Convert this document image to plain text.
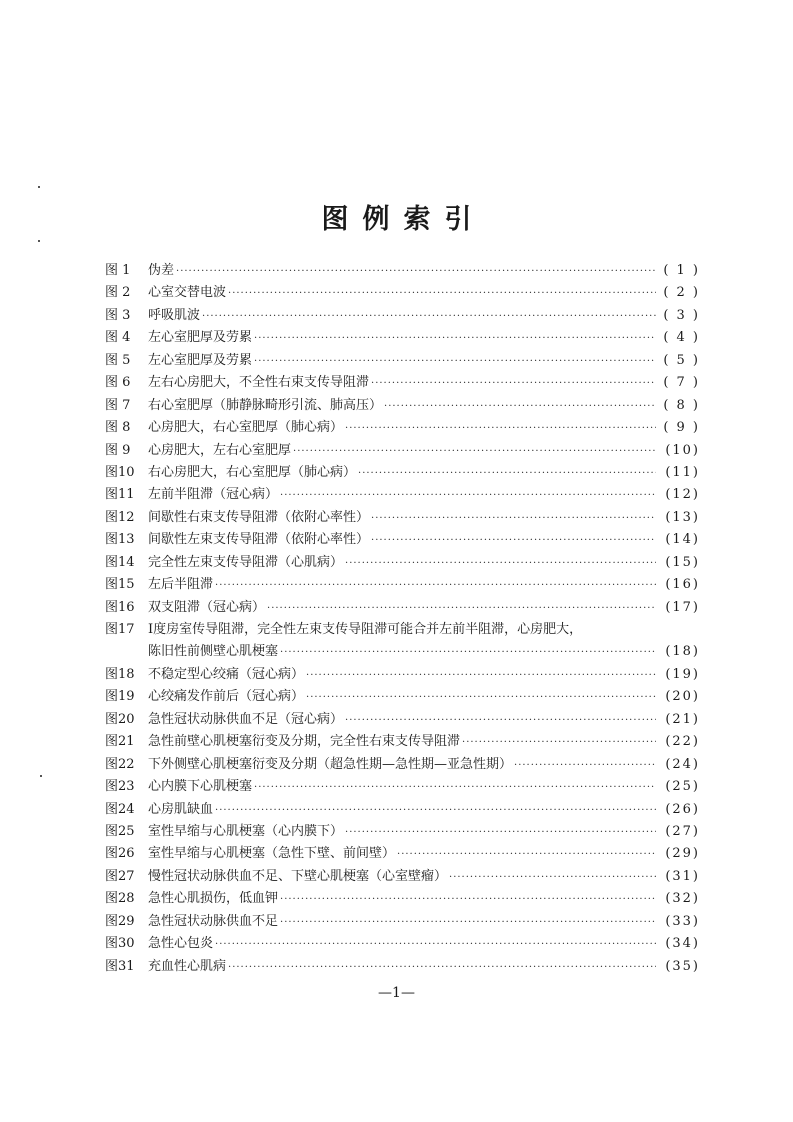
图例索引
图 1	伪差 ·····	( 1 )
图 2	心室交替电波 ·····	( 2 )
图 3	呼吸肌波 ·····	( 3 )
图 4	左心室肥厚及劳累 ·····	( 4 )
图 5	左心室肥厚及劳累 ·····	( 5 )
图 6	左右心房肥大，不全性右束支传导阻滞 ·····	( 7 )
图 7	右心室肥厚（肺静脉畸形引流、肺高压） ·····	( 8 )
图 8	心房肥大，右心室肥厚（肺心病） ·····	( 9 )
图 9	心房肥大，左右心室肥厚 ·····	(10)
图10	右心房肥大，右心室肥厚（肺心病） ·····	(11)
图11	左前半阻滞（冠心病） ·····	(12)
图12	间歇性右束支传导阻滞（依附心率性） ·····	(13)
图13	间歇性左束支传导阻滞（依附心率性） ·····	(14)
图14	完全性左束支传导阻滞（心肌病） ·····	(15)
图15	左后半阻滞 ·····	(16)
图16	双支阻滞（冠心病） ·····	(17)
图17	Ⅰ度房室传导阻滞，完全性左束支传导阻滞可能合并左前半阻滞，心房肥大，
陈旧性前侧壁心肌梗塞 ·····	(18)
图18	不稳定型心绞痛（冠心病） ·····	(19)
图19	心绞痛发作前后（冠心病） ·····	(20)
图20	急性冠状动脉供血不足（冠心病） ·····	(21)
图21	急性前壁心肌梗塞衍变及分期，完全性右束支传导阻滞 ·····	(22)
图22	下外侧壁心肌梗塞衍变及分期（超急性期—急性期—亚急性期） ·····	(24)
图23	心内膜下心肌梗塞 ·····	(25)
图24	心房肌缺血 ·····	(26)
图25	室性早缩与心肌梗塞（心内膜下） ·····	(27)
图26	室性早缩与心肌梗塞（急性下壁、前间壁） ·····	(29)
图27	慢性冠状动脉供血不足、下壁心肌梗塞（心室壁瘤） ·····	(31)
图28	急性心肌损伤，低血钾 ·····	(32)
图29	急性冠状动脉供血不足 ·····	(33)
图30	急性心包炎 ·····	(34)
图31	充血性心肌病 ·····	(35)
—1—
